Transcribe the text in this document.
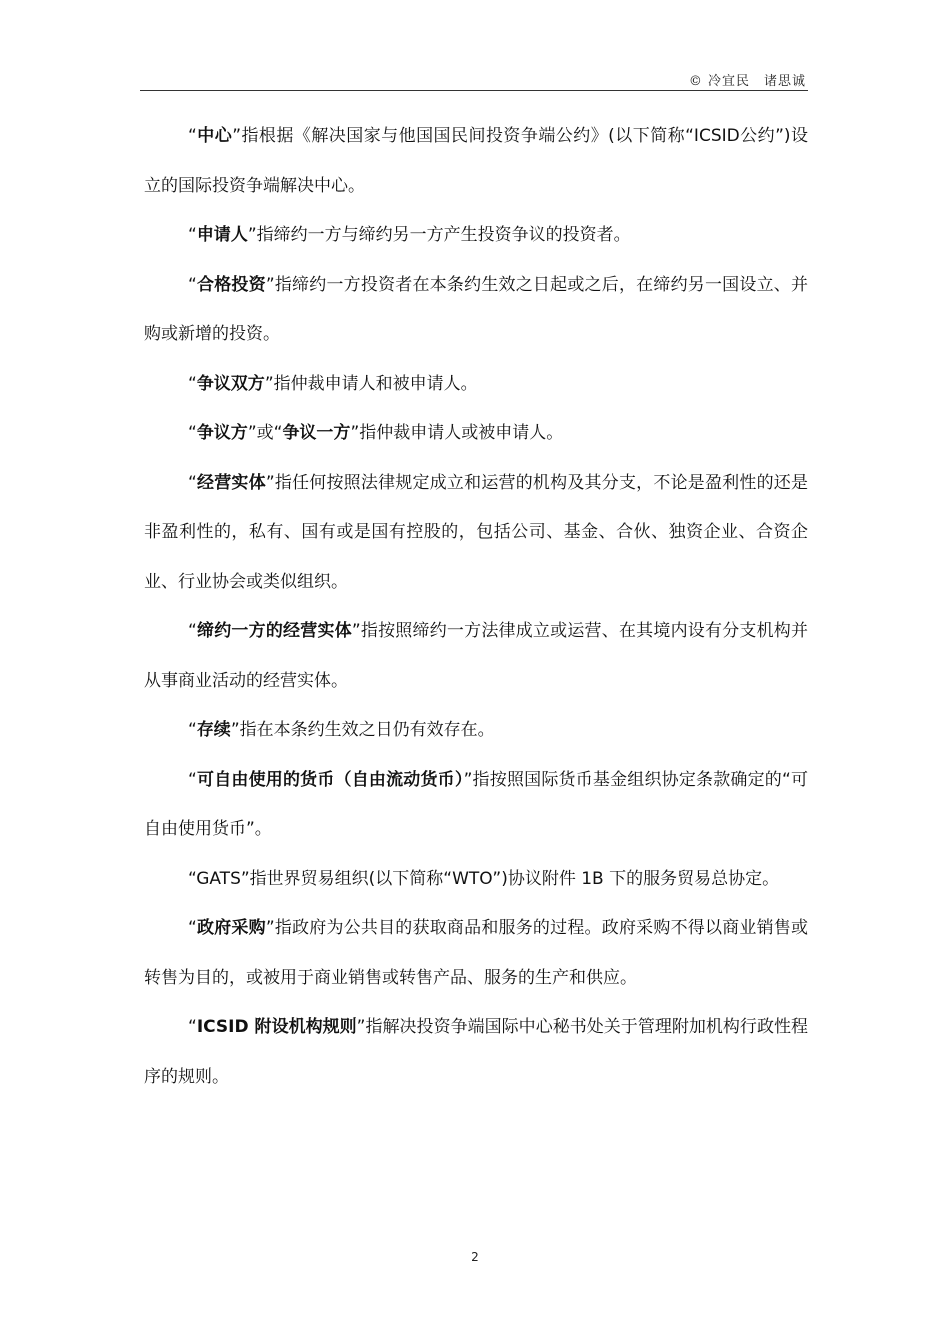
© 冷宜民　诸思诚

“中心”指根据《解决国家与他国国民间投资争端公约》(以下简称“ICSID公约”)设立的国际投资争端解决中心。

“申请人”指缔约一方与缔约另一方产生投资争议的投资者。

“合格投资”指缔约一方投资者在本条约生效之日起或之后，在缔约另一国设立、并购或新增的投资。

“争议双方”指仲裁申请人和被申请人。

“争议方”或“争议一方”指仲裁申请人或被申请人。

“经营实体”指任何按照法律规定成立和运营的机构及其分支，不论是盈利性的还是非盈利性的，私有、国有或是国有控股的，包括公司、基金、合伙、独资企业、合资企业、行业协会或类似组织。

“缔约一方的经营实体”指按照缔约一方法律成立或运营、在其境内设有分支机构并从事商业活动的经营实体。

“存续”指在本条约生效之日仍有效存在。

“可自由使用的货币（自由流动货币）”指按照国际货币基金组织协定条款确定的“可自由使用货币”。

“GATS”指世界贸易组织(以下简称“WTO”)协议附件 1B 下的服务贸易总协定。

“政府采购”指政府为公共目的获取商品和服务的过程。政府采购不得以商业销售或转售为目的，或被用于商业销售或转售产品、服务的生产和供应。

“ICSID 附设机构规则”指解决投资争端国际中心秘书处关于管理附加机构行政性程序的规则。

2
